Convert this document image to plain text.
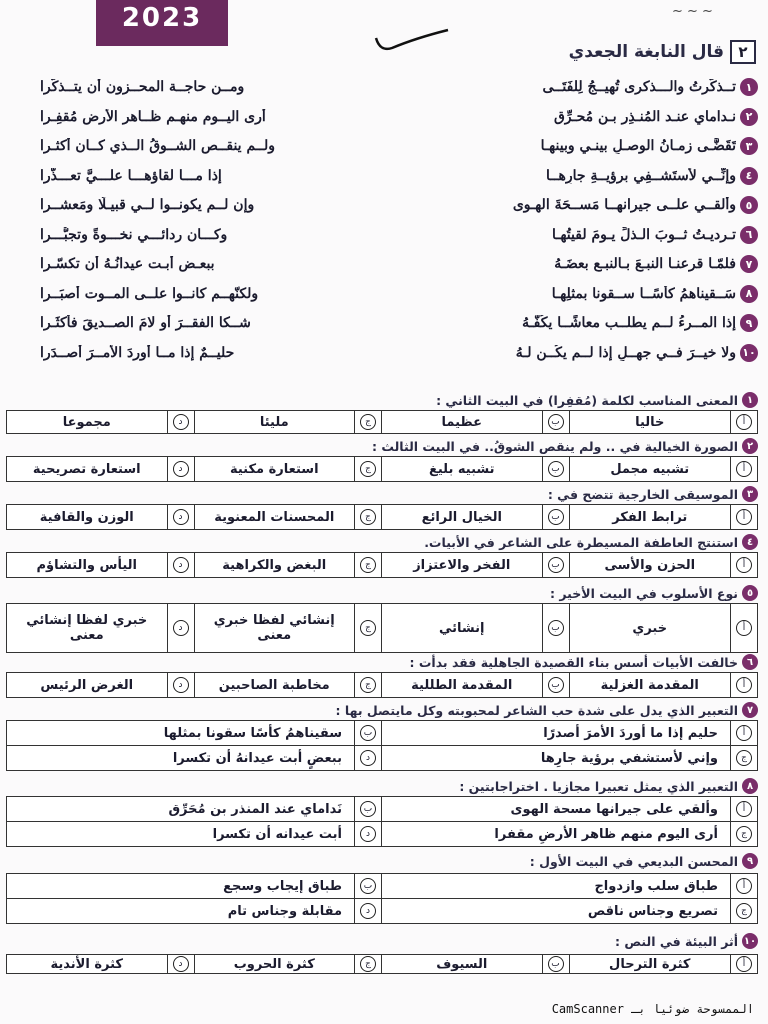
2023	~ ~ ~
٢
قال النابغة الجعدي
١
تــذكَّرتُ والـــذكرى تُهيــجُ لِلفَتَــى
ومــن حاجــة المحــزون أن يتــذكَّرا
٢
نـداماي عنـد المُنـذِر بـن مُحـرِّق
أرى اليــوم منهـم ظــاهر الأرضِ مُقفِـرا
٣
تَقَضَّـى زمـانُ الوصـلِ بينـي وبينهـا
ولــم ينقــص الشــوقُ الــذي كــان أكثـرا
٤
وإنِّــي لأَستَشــفِي برؤيــةِ جارِهــا
إذا مـــا لقاؤهـــا علـــيَّ تعـــذَّرا
٥
وأُلقــي علــى جيرانهــا مَســحَةَ الهـوى
وإن لــم يكونــوا لــي قبيـلًا ومَعشــرا
٦
تـرديـتُ ثــوبَ الـذلِّ يـومَ لقيتُهـا
وكـــان ردائـــي نخـــوةً وتجبُّـــرا
٧
فلمّـا قرعنـا النبـعَ بـالنبـعِ بعضَـهُ
ببعـض أبـت عيدانُـهُ أن تكسّـرا
٨
سَــقيناهمُ كأسًــا ســقونا بمثلِهـا
ولكنّهــم كانــوا علــى المــوت أصبَــرا
٩
إذا المــرءُ لــم يطلــب معاشًــا يكُفُّـهُ
شــكا الفقــرَ أو لامَ الصــديقَ فأكثَـرا
١٠
ولا خيــرَ فــي جهــلٍ إذا لــم يكُــن لـهُ
حليــمٌ إذا مــا أوردَ الأمــرَ أصــدَرا
١
المعنى المناسب لكلمة (مُقفِرا) في البيت الثاني :
أ
خاليا
ب
عظيما
ج
مليئا
د
مجموعا
٢
الصورة الخيالية في .. ولم ينقص الشوقُ.. في البيت الثالث :
أ
تشبيه مجمل
ب
تشبيه بليغ
ج
استعارة مكنية
د
استعارة تصريحية
٣
الموسيقى الخارجية تتضح في :
أ
ترابط الفكر
ب
الخيال الرائع
ج
المحسنات المعنوية
د
الوزن والقافية
٤
استنتج العاطفة المسيطرة على الشاعر في الأبيات.
أ
الحزن والأسى
ب
الفخر والاعتزاز
ج
البغض والكراهية
د
اليأس والتشاؤم
٥
نوع الأسلوب في البيت الأخير :
أ
خبري
ب
إنشائي
ج
إنشائي لفظا خبري معنى
د
خبري لفظا إنشائي معنى
٦
خالفت الأبيات أسس بناء القصيدة الجاهلية فقد بدأت :
أ
المقدمة الغزلية
ب
المقدمة الطللية
ج
مخاطبة الصاحبين
د
الغرض الرئيس
٧
التعبير الذي يدل على شدة حب الشاعر لمحبوبته وكل مايتصل بها :
أ
حليم إذا ما أوردَ الأمرَ أصدرًا
ب
سقيناهمُ كأسًا سقونا بمثلها
ج
وإني لأستشفي برؤية جارِها
د
ببعضٍ أبت عيدانهُ أن تكسرا
٨
التعبير الذي يمثل تعبيرا مجازيا . اختراجابتين :
أ
وألقي على جيرانها مسحة الهوى
ب
نَداماي عند المنذر بن مُحَرِّق
ج
أرى اليوم منهم ظاهر الأرضِ مقفرا
د
أبت عيدانه أن تكسرا
٩
المحسن البديعي في البيت الأول :
أ
طباق سلب وازدواج
ب
طباق إيجاب وسجع
ج
تصريع وجناس ناقص
د
مقابلة وجناس تام
١٠
أثر البيئة في النص :
أ
كثرة الترحال
ب
السيوف
ج
كثرة الحروب
د
كثرة الأندية
الممسوحة ضوئيا بـ CamScanner
